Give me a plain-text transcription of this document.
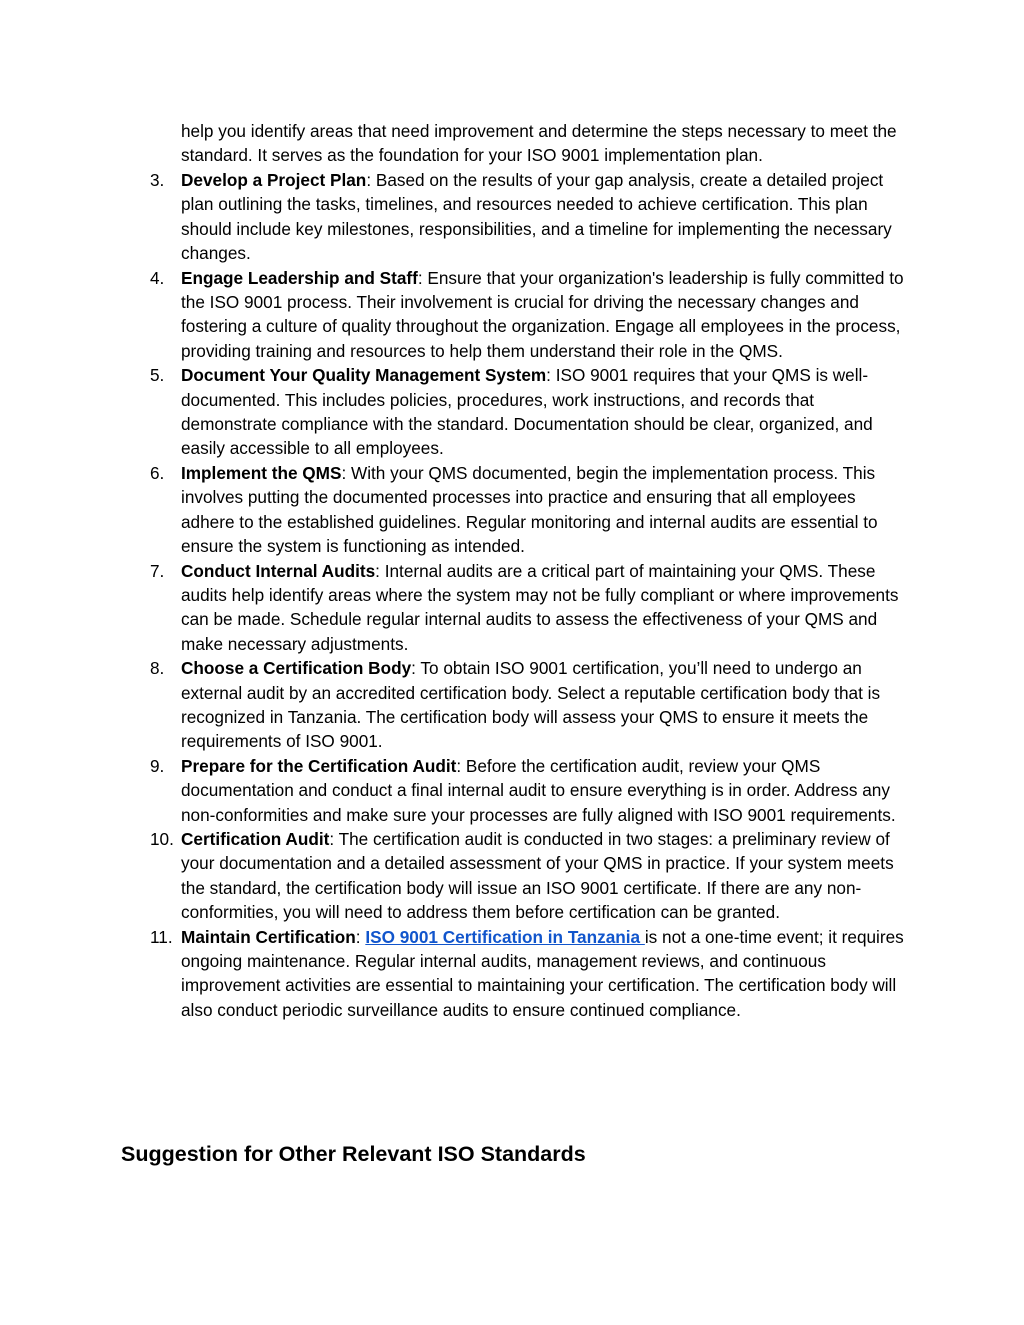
help you identify areas that need improvement and determine the steps necessary to meet the standard. It serves as the foundation for your ISO 9001 implementation plan.

3. Develop a Project Plan: Based on the results of your gap analysis, create a detailed project plan outlining the tasks, timelines, and resources needed to achieve certification. This plan should include key milestones, responsibilities, and a timeline for implementing the necessary changes.
4. Engage Leadership and Staff: Ensure that your organization's leadership is fully committed to the ISO 9001 process. Their involvement is crucial for driving the necessary changes and fostering a culture of quality throughout the organization. Engage all employees in the process, providing training and resources to help them understand their role in the QMS.
5. Document Your Quality Management System: ISO 9001 requires that your QMS is well-documented. This includes policies, procedures, work instructions, and records that demonstrate compliance with the standard. Documentation should be clear, organized, and easily accessible to all employees.
6. Implement the QMS: With your QMS documented, begin the implementation process. This involves putting the documented processes into practice and ensuring that all employees adhere to the established guidelines. Regular monitoring and internal audits are essential to ensure the system is functioning as intended.
7. Conduct Internal Audits: Internal audits are a critical part of maintaining your QMS. These audits help identify areas where the system may not be fully compliant or where improvements can be made. Schedule regular internal audits to assess the effectiveness of your QMS and make necessary adjustments.
8. Choose a Certification Body: To obtain ISO 9001 certification, you’ll need to undergo an external audit by an accredited certification body. Select a reputable certification body that is recognized in Tanzania. The certification body will assess your QMS to ensure it meets the requirements of ISO 9001.
9. Prepare for the Certification Audit: Before the certification audit, review your QMS documentation and conduct a final internal audit to ensure everything is in order. Address any non-conformities and make sure your processes are fully aligned with ISO 9001 requirements.
10. Certification Audit: The certification audit is conducted in two stages: a preliminary review of your documentation and a detailed assessment of your QMS in practice. If your system meets the standard, the certification body will issue an ISO 9001 certificate. If there are any non-conformities, you will need to address them before certification can be granted.
11. Maintain Certification: ISO 9001 Certification in Tanzania is not a one-time event; it requires ongoing maintenance. Regular internal audits, management reviews, and continuous improvement activities are essential to maintaining your certification. The certification body will also conduct periodic surveillance audits to ensure continued compliance.
Suggestion for Other Relevant ISO Standards
